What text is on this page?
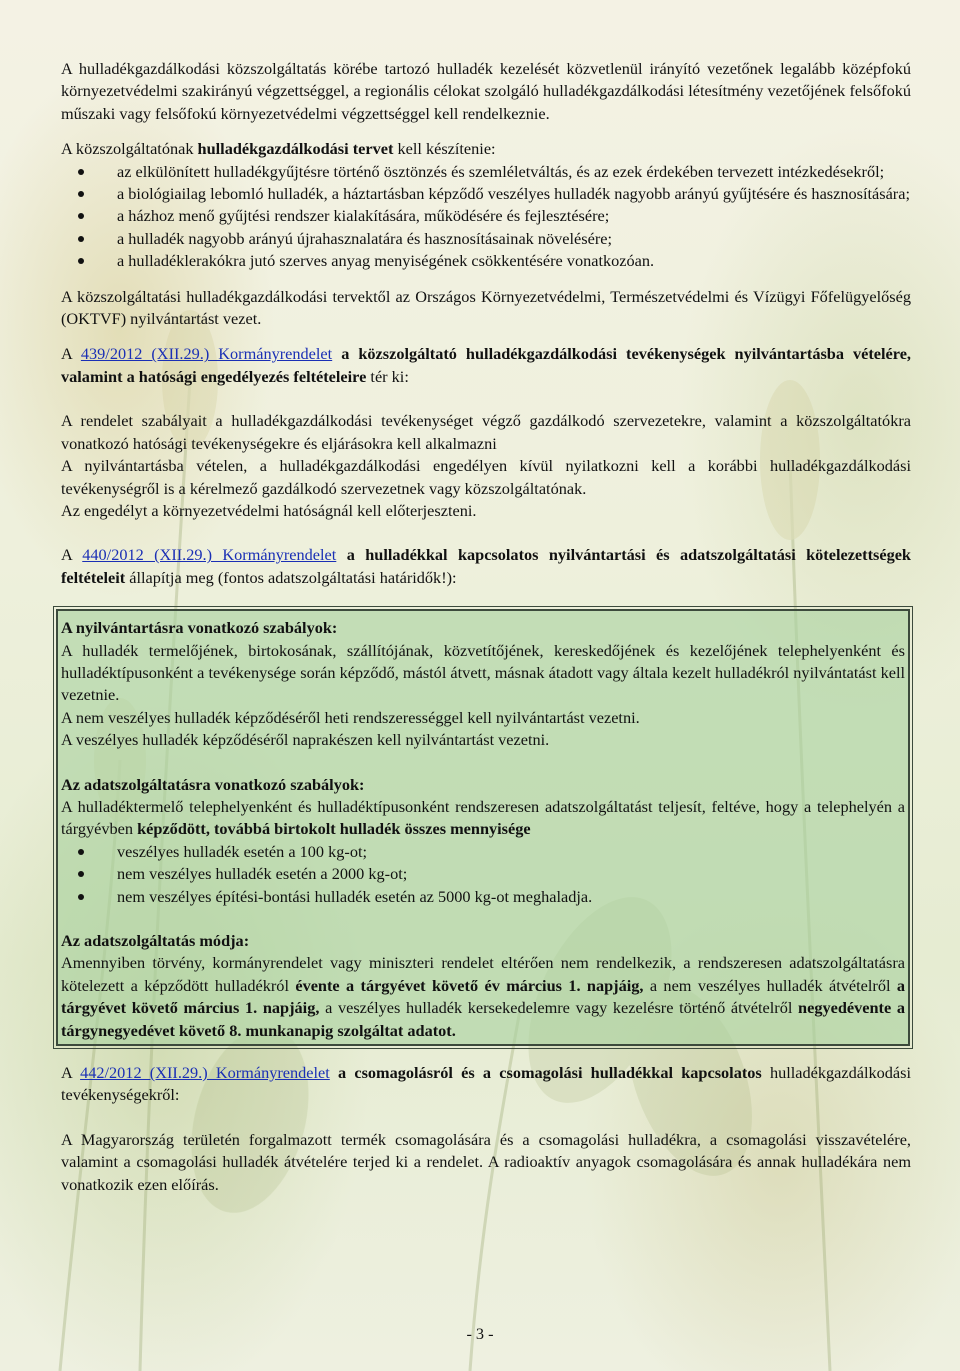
A hulladékgazdálkodási közszolgáltatás körébe tartozó hulladék kezelését közvetlenül irányító vezetőnek legalább középfokú környezetvédelmi szakirányú végzettséggel, a regionális célokat szolgáló hulladékgazdálkodási létesítmény vezetőjének felsőfokú műszaki vagy felsőfokú környezetvédelmi végzettséggel kell rendelkeznie.

A közszolgáltatónak hulladékgazdálkodási tervet kell készítenie:

az elkülönített hulladékgyűjtésre történő ösztönzés és szemléletváltás, és az ezek érdekében tervezett intézkedésekről;
a biológiailag lebomló hulladék, a háztartásban képződő veszélyes hulladék nagyobb arányú gyűjtésére és hasznosítására;
a házhoz menő gyűjtési rendszer kialakítására, működésére és fejlesztésére;
a hulladék nagyobb arányú újrahasznalatára és hasznosításainak növelésére;
a hulladéklerakókra jutó szerves anyag menyiségének csökkentésére vonatkozóan.

A közszolgáltatási hulladékgazdálkodási tervektől az Országos Környezetvédelmi, Természetvédelmi és Vízügyi Főfelügyelőség (OKTVF) nyilvántartást vezet.

A 439/2012 (XII.29.) Kormányrendelet a közszolgáltató hulladékgazdálkodási tevékenységek nyilvántartásba vételére, valamint a hatósági engedélyezés feltételeire tér ki:

A rendelet szabályait a hulladékgazdálkodási tevékenységet végző gazdálkodó szervezetekre, valamint a közszolgáltatókra vonatkozó hatósági tevékenységekre és eljárásokra kell alkalmazni

A nyilvántartásba vételen, a hulladékgazdálkodási engedélyen kívül nyilatkozni kell a korábbi hulladékgazdálkodási tevékenységről is a kérelmező gazdálkodó szervezetnek vagy közszolgáltatónak.

Az engedélyt a környezetvédelmi hatóságnál kell előterjeszteni.

A 440/2012 (XII.29.) Kormányrendelet a hulladékkal kapcsolatos nyilvántartási és adatszolgáltatási kötelezettségek feltételeit állapítja meg (fontos adatszolgáltatási határidők!):

A nyilvántartásra vonatkozó szabályok:

A hulladék termelőjének, birtokosának, szállítójának, közvetítőjének, kereskedőjének és kezelőjének telephelyenként és hulladéktípusonként a tevékenysége során képződő, mástól átvett, másnak átadott vagy általa kezelt hulladékról nyilvántatást kell vezetnie.

A nem veszélyes hulladék képződéséről heti rendszerességgel kell nyilvántartást vezetni.

A veszélyes hulladék képződéséről naprakészen kell nyilvántartást vezetni.

Az adatszolgáltatásra vonatkozó szabályok:

A hulladéktermelő telephelyenként és hulladéktípusonként rendszeresen adatszolgáltatást teljesít, feltéve, hogy a telephelyén a tárgyévben képződött, továbbá birtokolt hulladék összes mennyisége

veszélyes hulladék esetén a 100 kg-ot;
nem veszélyes hulladék esetén a 2000 kg-ot;
nem veszélyes építési-bontási hulladék esetén az 5000 kg-ot meghaladja.

Az adatszolgáltatás módja:

Amennyiben törvény, kormányrendelet vagy miniszteri rendelet eltérően nem rendelkezik, a rendszeresen adatszolgáltatásra kötelezett a képződött hulladékról évente a tárgyévet követő év március 1. napjáig, a nem veszélyes hulladék átvételről a tárgyévet követő március 1. napjáig, a veszélyes hulladék kersekedelemre vagy kezelésre történő átvételről negyedévente a tárgynegyedévet követő 8. munkanapig szolgáltat adatot.

A 442/2012 (XII.29.) Kormányrendelet a csomagolásról és a csomagolási hulladékkal kapcsolatos hulladékgazdálkodási tevékenységekről:

A Magyarország területén forgalmazott termék csomagolására és a csomagolási hulladékra, a csomagolási visszavételére, valamint a csomagolási hulladék átvételére terjed ki a rendelet. A radioaktív anyagok csomagolására és annak hulladékára nem vonatkozik ezen előírás.

- 3 -
